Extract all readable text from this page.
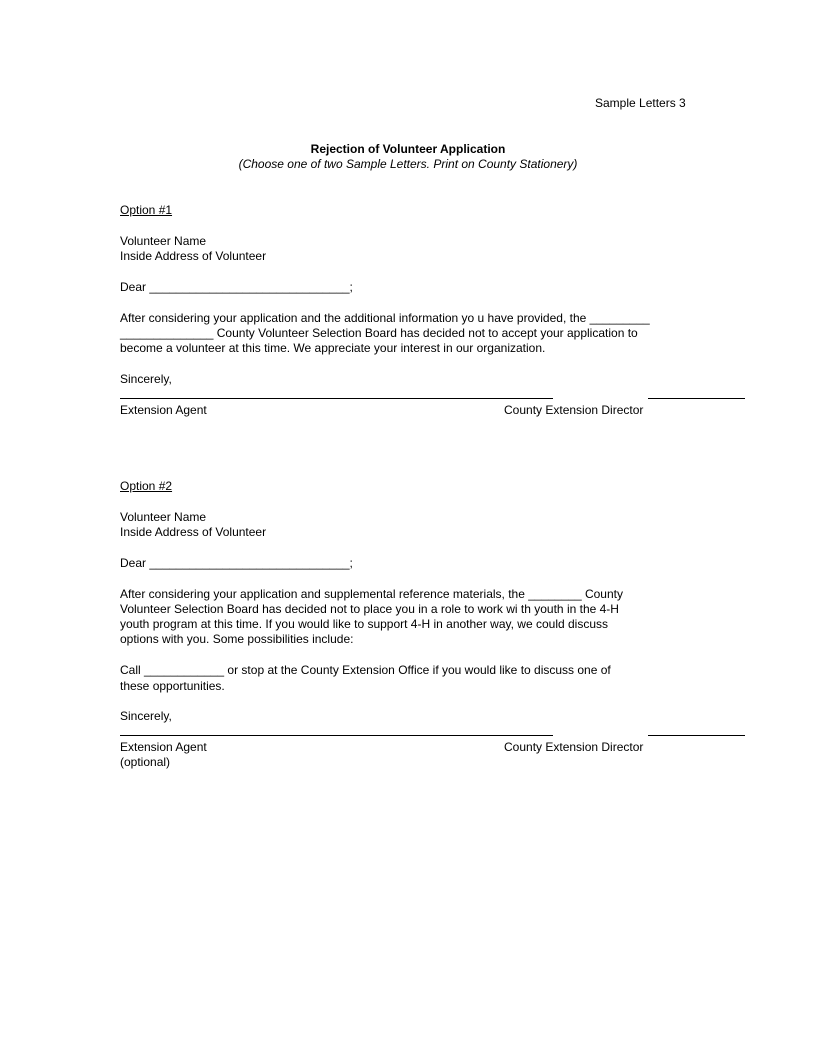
Sample Letters 3
Rejection of Volunteer Application
(Choose one of two Sample Letters. Print on County Stationery)
Option #1
Volunteer Name
Inside Address of Volunteer
Dear ______________________________;
After considering your application and the additional information yo u have provided, the _________
______________ County Volunteer Selection Board has decided not to accept your application to
become a volunteer at this time. We appreciate your interest in our organization.
Sincerely,
Extension Agent	County Extension Director
Option #2
Volunteer Name
Inside Address of Volunteer
Dear ______________________________;
After considering your application and supplemental reference materials, the ________ County
Volunteer Selection Board has decided not to place you in a role to work wi th youth in the 4-H
youth program at this time. If you would like to support 4-H in another way, we could discuss
options with you. Some possibilities include:
Call ____________ or stop at the County Extension Office if you would like to discuss one of
these opportunities.
Sincerely,
Extension Agent	County Extension Director
(optional)
